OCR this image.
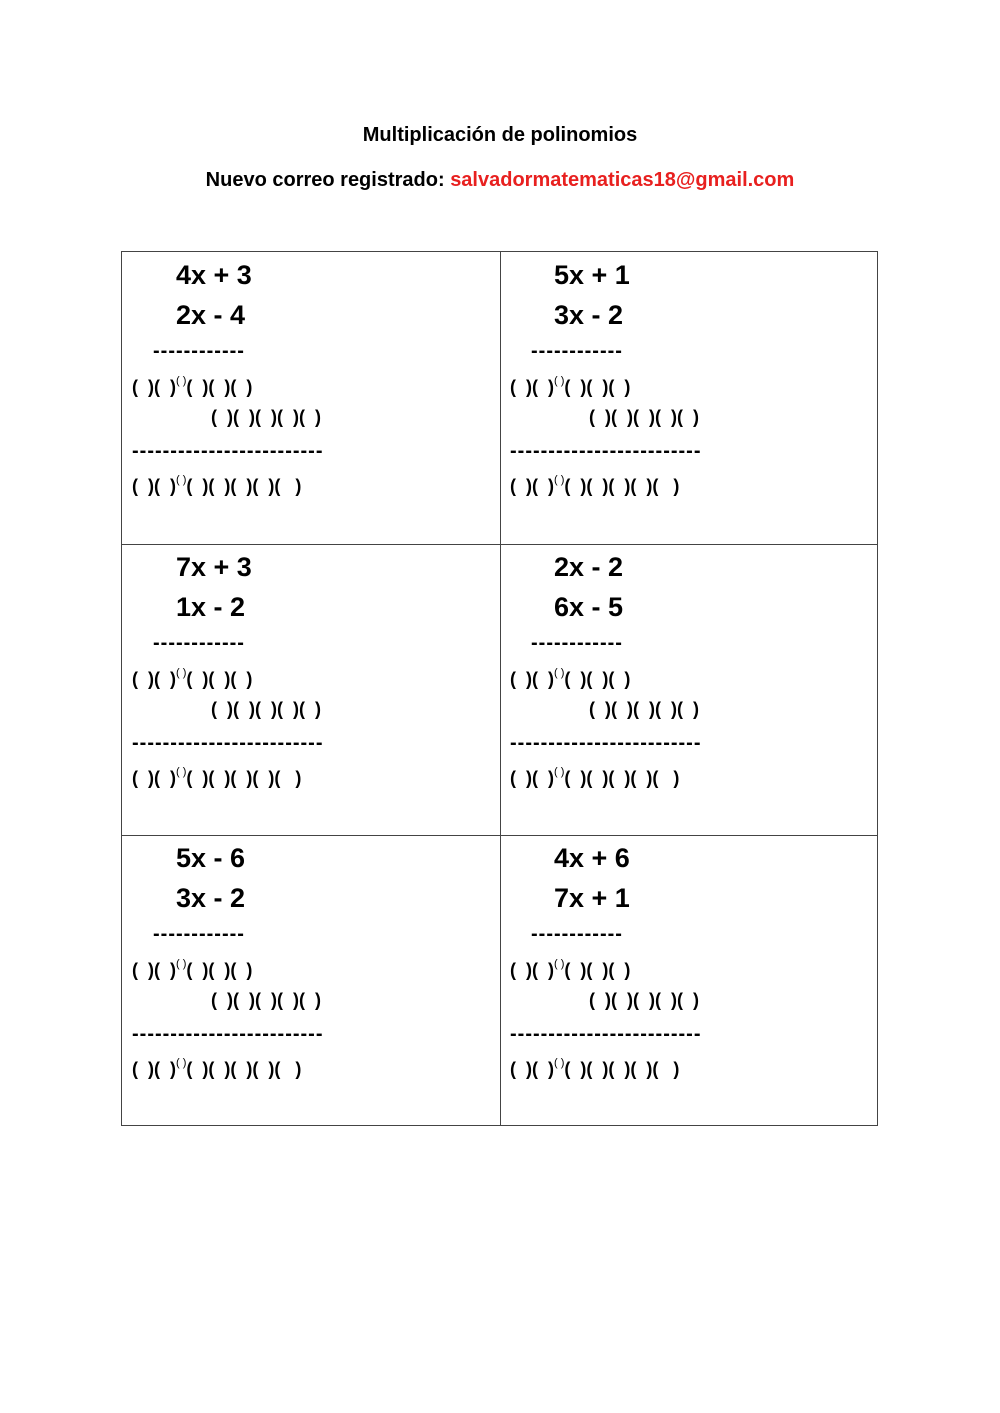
Multiplicación de polinomios
Nuevo correo registrado: salvadormatematicas18@gmail.com
4x + 3
2x - 4
------------
(  )(  )( )(  )(  )(  )
(  )(  )(  )(  )(  )
-------------------------
(  )(  )( )(  )(  )(  )(  )(   )
5x + 1
3x - 2
------------
(  )(  )( )(  )(  )(  )
(  )(  )(  )(  )(  )
-------------------------
(  )(  )( )(  )(  )(  )(  )(   )
7x + 3
1x - 2
------------
(  )(  )( )(  )(  )(  )
(  )(  )(  )(  )(  )
-------------------------
(  )(  )( )(  )(  )(  )(  )(   )
2x - 2
6x - 5
------------
(  )(  )( )(  )(  )(  )
(  )(  )(  )(  )(  )
-------------------------
(  )(  )( )(  )(  )(  )(  )(   )
5x - 6
3x - 2
------------
(  )(  )( )(  )(  )(  )
(  )(  )(  )(  )(  )
-------------------------
(  )(  )( )(  )(  )(  )(  )(   )
4x + 6
7x + 1
------------
(  )(  )( )(  )(  )(  )
(  )(  )(  )(  )(  )
-------------------------
(  )(  )( )(  )(  )(  )(  )(   )
